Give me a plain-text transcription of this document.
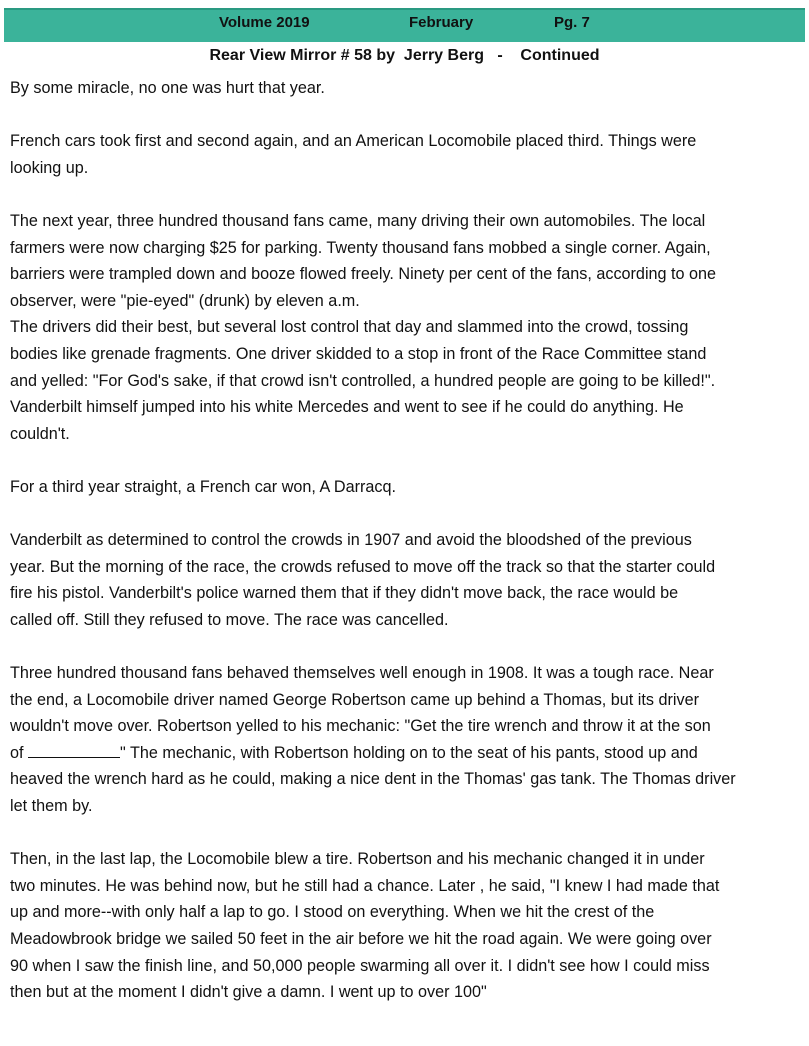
Volume 2019	February	Pg. 7
Rear View Mirror # 58 by  Jerry Berg   -    Continued

By some miracle, no one was hurt that year.

French cars took first and second again, and an American Locomobile placed third. Things were
looking up.

The next year, three hundred thousand fans came, many driving their own automobiles. The local
farmers were now charging $25 for parking. Twenty thousand fans mobbed a single corner. Again,
barriers were trampled down and booze flowed freely. Ninety per cent of the fans, according to one
observer, were "pie-eyed" (drunk) by eleven a.m.

The drivers did their best, but several lost control that day and slammed into the crowd, tossing
bodies like grenade fragments. One driver skidded to a stop in front of the Race Committee stand
and yelled: "For God's sake, if that crowd isn't controlled, a hundred people are going to be killed!".
Vanderbilt himself jumped into his white Mercedes and went to see if he could do anything. He
couldn't.

For a third year straight, a French car won, A Darracq.

Vanderbilt as determined to control the crowds in 1907 and avoid the bloodshed of the previous
year. But the morning of the race, the crowds refused to move off the track so that the starter could
fire his pistol. Vanderbilt's police warned them that if they didn't move back, the race would be
called off. Still they refused to move. The race was cancelled.

Three hundred thousand fans behaved themselves well enough in 1908. It was a tough race. Near
the end, a Locomobile driver named George Robertson came up behind a Thomas, but its driver
wouldn't move over. Robertson yelled to his mechanic: "Get the tire wrench and throw it at the son
of	" The mechanic, with Robertson holding on to the seat of his pants, stood up and

heaved the wrench hard as he could, making a nice dent in the Thomas' gas tank. The Thomas driver
let them by.

Then, in the last lap, the Locomobile blew a tire. Robertson and his mechanic changed it in under
two minutes. He was behind now, but he still had a chance. Later , he said, "I knew I had made that
up and more--with only half a lap to go. I stood on everything. When we hit the crest of the
Meadowbrook bridge we sailed 50 feet in the air before we hit the road again. We were going over
90 when I saw the finish line, and 50,000 people swarming all over it. I didn't see how I could miss
then but at the moment I didn't give a damn. I went up to over 100"
